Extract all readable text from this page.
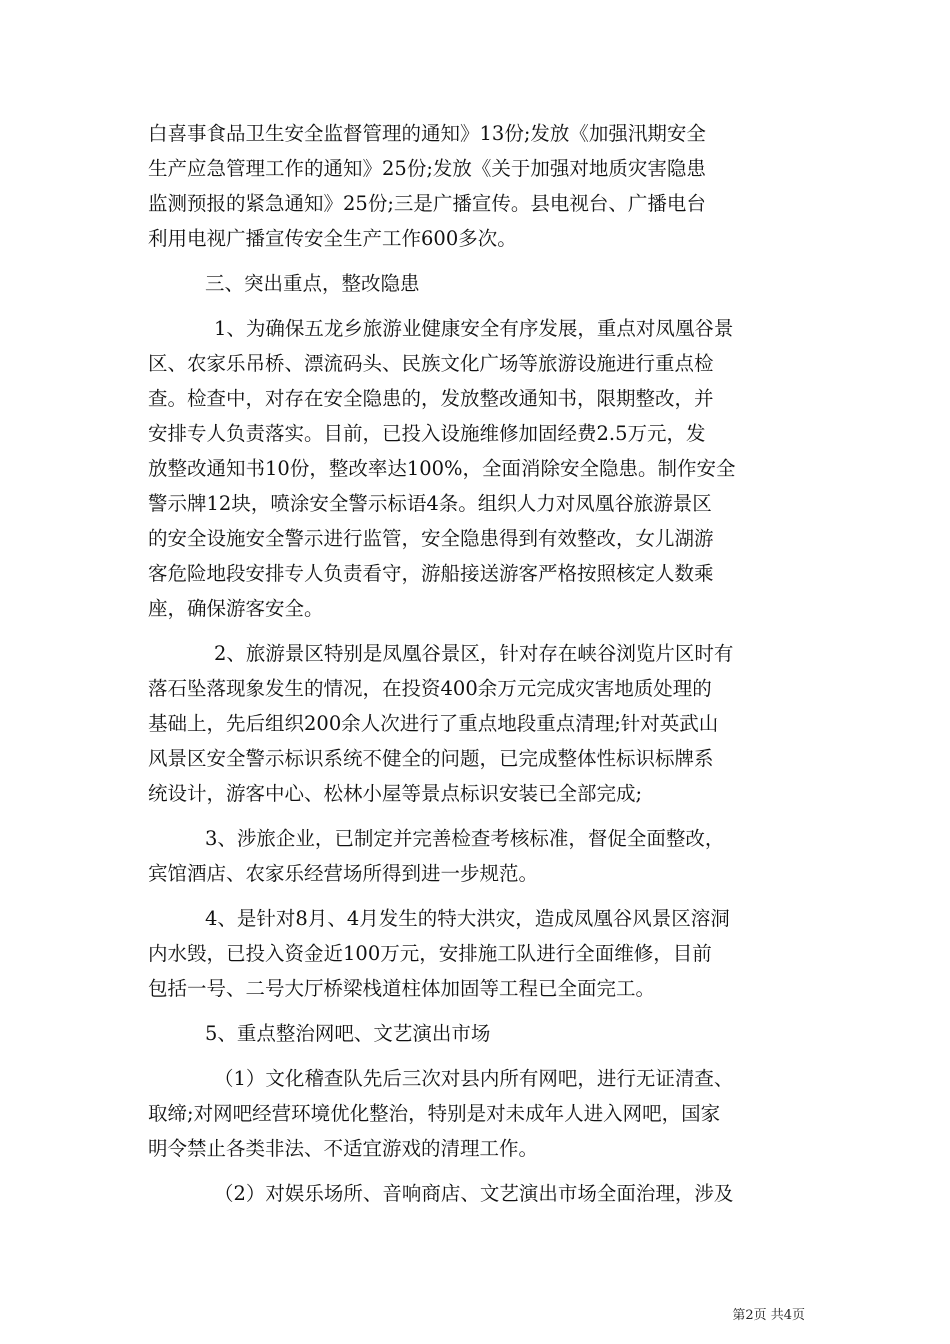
白喜事食品卫生安全监督管理的通知》13份;发放《加强汛期安全
生产应急管理工作的通知》25份;发放《关于加强对地质灾害隐患
监测预报的紧急通知》25份;三是广播宣传。县电视台、广播电台
利用电视广播宣传安全生产工作600多次。
三、突出重点，整改隐患
1、为确保五龙乡旅游业健康安全有序发展，重点对凤凰谷景
区、农家乐吊桥、漂流码头、民族文化广场等旅游设施进行重点检
查。检查中，对存在安全隐患的，发放整改通知书，限期整改，并
安排专人负责落实。目前，已投入设施维修加固经费2.5万元，发
放整改通知书10份，整改率达100%，全面消除安全隐患。制作安全
警示牌12块，喷涂安全警示标语4条。组织人力对凤凰谷旅游景区
的安全设施安全警示进行监管，安全隐患得到有效整改，女儿湖游
客危险地段安排专人负责看守，游船接送游客严格按照核定人数乘
座，确保游客安全。
2、旅游景区特别是凤凰谷景区，针对存在峡谷浏览片区时有
落石坠落现象发生的情况，在投资400余万元完成灾害地质处理的
基础上，先后组织200余人次进行了重点地段重点清理;针对英武山
风景区安全警示标识系统不健全的问题，已完成整体性标识标牌系
统设计，游客中心、松林小屋等景点标识安装已全部完成;
3、涉旅企业，已制定并完善检查考核标准，督促全面整改，
宾馆酒店、农家乐经营场所得到进一步规范。
4、是针对8月、4月发生的特大洪灾，造成凤凰谷风景区溶洞
内水毁，已投入资金近100万元，安排施工队进行全面维修，目前
包括一号、二号大厅桥梁栈道柱体加固等工程已全面完工。
5、重点整治网吧、文艺演出市场
（1）文化稽查队先后三次对县内所有网吧，进行无证清查、
取缔;对网吧经营环境优化整治，特别是对未成年人进入网吧，国家
明令禁止各类非法、不适宜游戏的清理工作。
（2）对娱乐场所、音响商店、文艺演出市场全面治理，涉及
第2页 共4页
